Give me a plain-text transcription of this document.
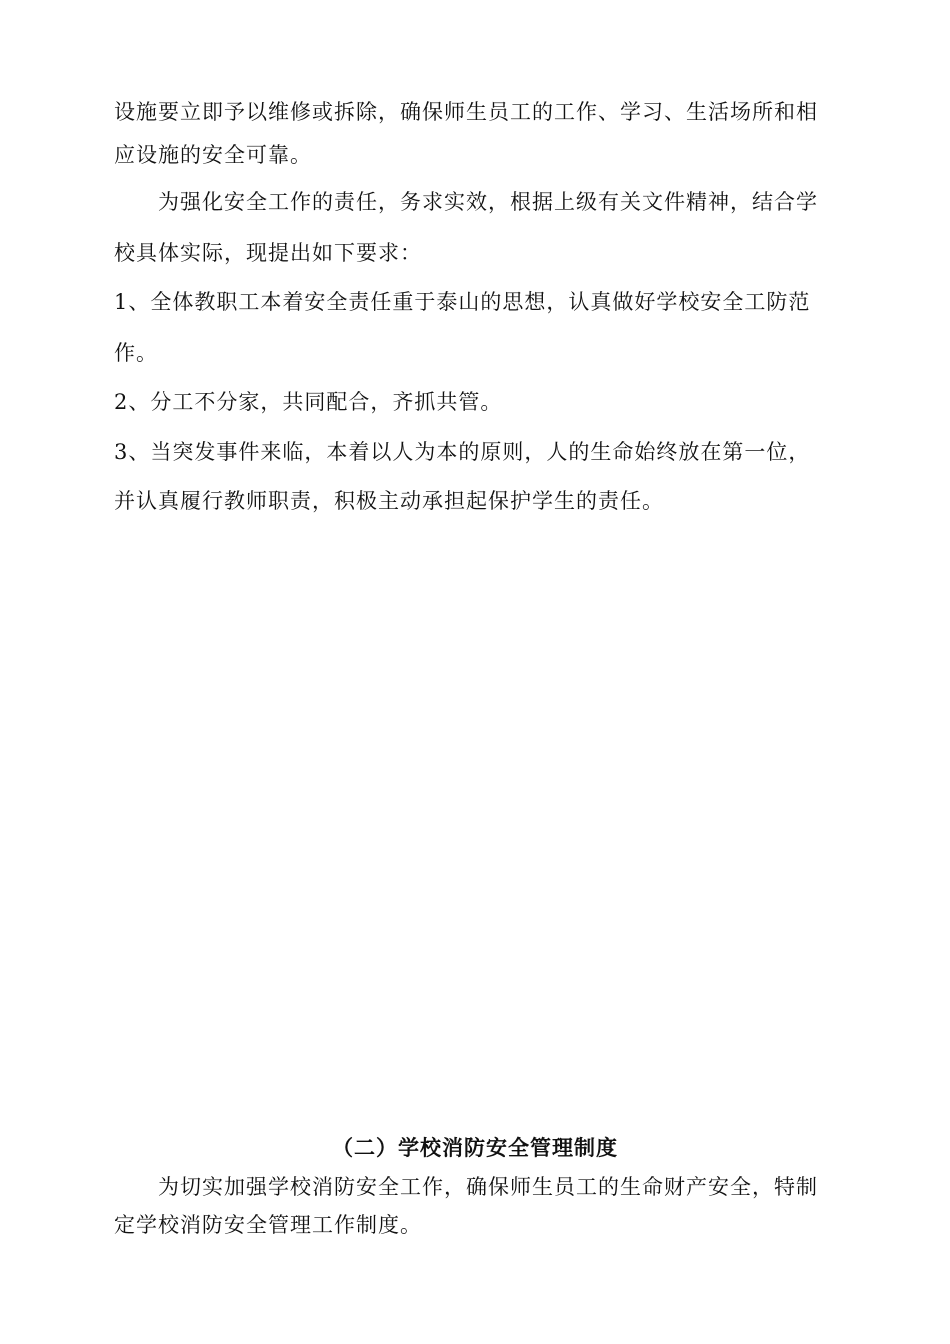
设施要立即予以维修或拆除，确保师生员工的工作、学习、生活场所和相
应设施的安全可靠。
为强化安全工作的责任，务求实效，根据上级有关文件精神，结合学
校具体实际，现提出如下要求：
1、全体教职工本着安全责任重于泰山的思想，认真做好学校安全工防范
作。
2、分工不分家，共同配合，齐抓共管。
3、当突发事件来临，本着以人为本的原则，人的生命始终放在第一位，
并认真履行教师职责，积极主动承担起保护学生的责任。
（二）学校消防安全管理制度
为切实加强学校消防安全工作，确保师生员工的生命财产安全，特制
定学校消防安全管理工作制度。
